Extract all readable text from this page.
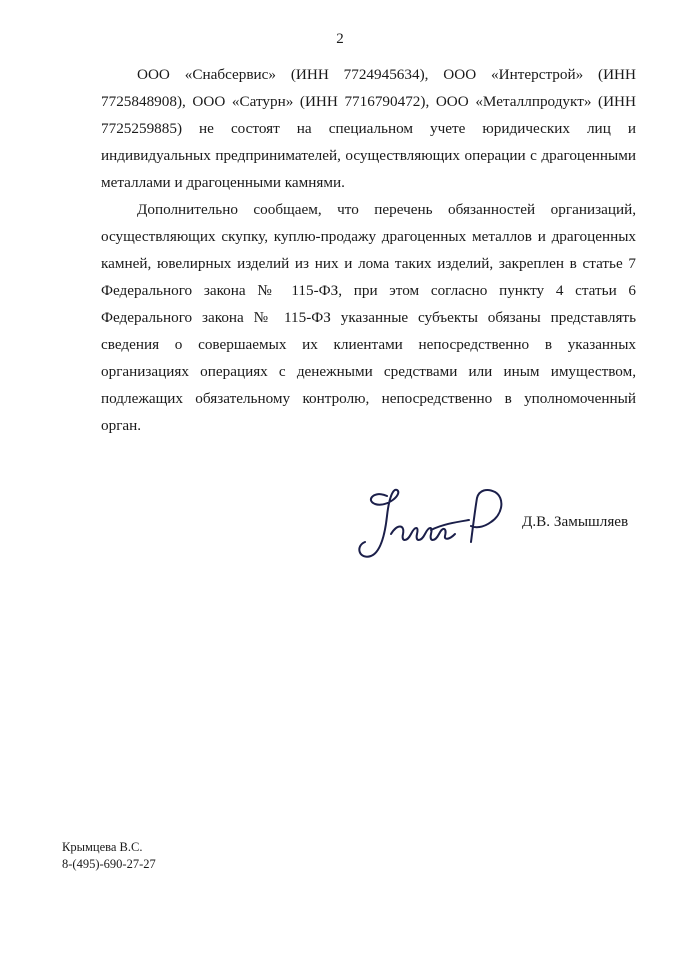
2

ООО «Снабсервис» (ИНН 7724945634), ООО «Интерстрой» (ИНН 7725848908), ООО «Сатурн» (ИНН 7716790472), ООО «Металлпродукт» (ИНН 7725259885) не состоят на специальном учете юридических лиц и индивидуальных предпринимателей, осуществляющих операции с драгоценными металлами и драгоценными камнями.

Дополнительно сообщаем, что перечень обязанностей организаций, осуществляющих скупку, куплю-продажу драгоценных металлов и драгоценных камней, ювелирных изделий из них и лома таких изделий, закреплен в статье 7 Федерального закона № 115-ФЗ, при этом согласно пункту 4 статьи 6 Федерального закона № 115-ФЗ указанные субъекты обязаны представлять сведения о совершаемых их клиентами непосредственно в указанных организациях операциях с денежными средствами или иным имуществом, подлежащих обязательному контролю, непосредственно в уполномоченный орган.

Д.В. Замышляев
Крымцева В.С.
8-(495)-690-27-27
